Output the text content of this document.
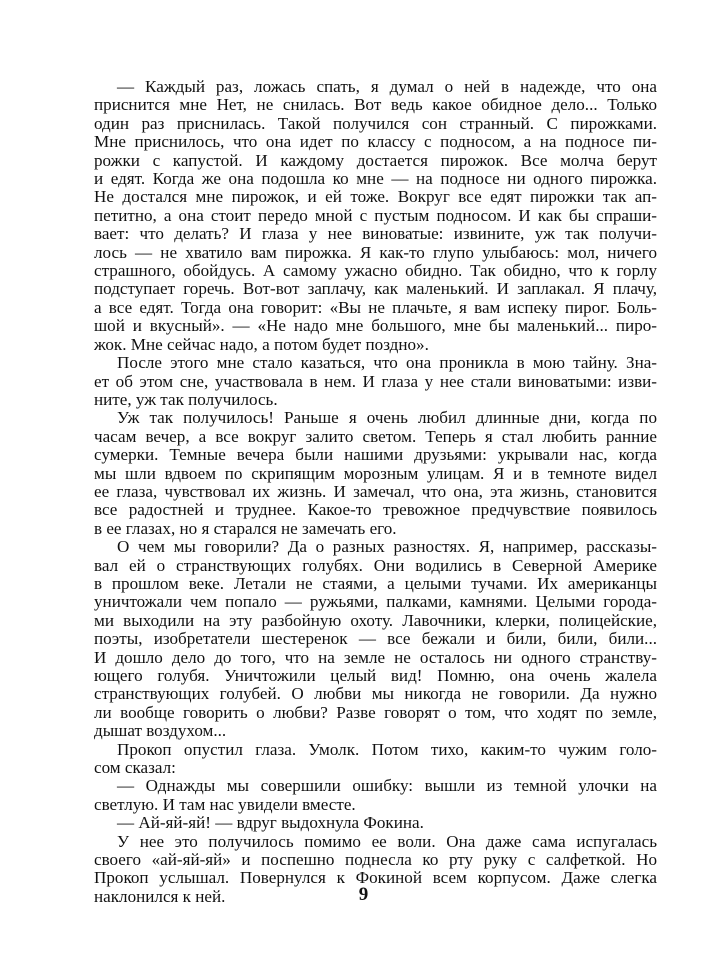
— Каждый раз, ложась спать, я думал о ней в надежде, что она
приснится мне Нет, не снилась. Вот ведь какое обидное дело... Только
один раз приснилась. Такой получился сон странный. С пирожками.
Мне приснилось, что она идет по классу с подносом, а на подносе пи-
рожки с капустой. И каждому достается пирожок. Все молча берут
и едят. Когда же она подошла ко мне — на подносе ни одного пирожка.
Не достался мне пирожок, и ей тоже. Вокруг все едят пирожки так ап-
петитно, а она стоит передо мной с пустым подносом. И как бы спраши-
вает: что делать? И глаза у нее виноватые: извините, уж так получи-
лось — не хватило вам пирожка. Я как-то глупо улыбаюсь: мол, ничего
страшного, обойдусь. А самому ужасно обидно. Так обидно, что к горлу
подступает горечь. Вот-вот заплачу, как маленький. И заплакал. Я плачу,
а все едят. Тогда она говорит: «Вы не плачьте, я вам испеку пирог. Боль-
шой и вкусный». — «Не надо мне большого, мне бы маленький... пиро-
жок. Мне сейчас надо, а потом будет поздно».
После этого мне стало казаться, что она проникла в мою тайну. Зна-
ет об этом сне, участвовала в нем. И глаза у нее стали виноватыми: изви-
ните, уж так получилось.
Уж так получилось! Раньше я очень любил длинные дни, когда по
часам вечер, а все вокруг залито светом. Теперь я стал любить ранние
сумерки. Темные вечера были нашими друзьями: укрывали нас, когда
мы шли вдвоем по скрипящим морозным улицам. Я и в темноте видел
ее глаза, чувствовал их жизнь. И замечал, что она, эта жизнь, становится
все радостней и труднее. Какое-то тревожное предчувствие появилось
в ее глазах, но я старался не замечать его.
О чем мы говорили? Да о разных разностях. Я, например, рассказы-
вал ей о странствующих голубях. Они водились в Северной Америке
в прошлом веке. Летали не стаями, а целыми тучами. Их американцы
уничтожали чем попало — ружьями, палками, камнями. Целыми города-
ми выходили на эту разбойную охоту. Лавочники, клерки, полицейские,
поэты, изобретатели шестеренок — все бежали и били, били, били...
И дошло дело до того, что на земле не осталось ни одного странству-
ющего голубя. Уничтожили целый вид! Помню, она очень жалела
странствующих голубей. О любви мы никогда не говорили. Да нужно
ли вообще говорить о любви? Разве говорят о том, что ходят по земле,
дышат воздухом...
Прокоп опустил глаза. Умолк. Потом тихо, каким-то чужим голо-
сом сказал:
— Однажды мы совершили ошибку: вышли из темной улочки на
светлую. И там нас увидели вместе.
— Ай-яй-яй! — вдруг выдохнула Фокина.
У нее это получилось помимо ее воли. Она даже сама испугалась
своего «ай-яй-яй» и поспешно поднесла ко рту руку с салфеткой. Но
Прокоп услышал. Повернулся к Фокиной всем корпусом. Даже слегка
наклонился к ней.	9
